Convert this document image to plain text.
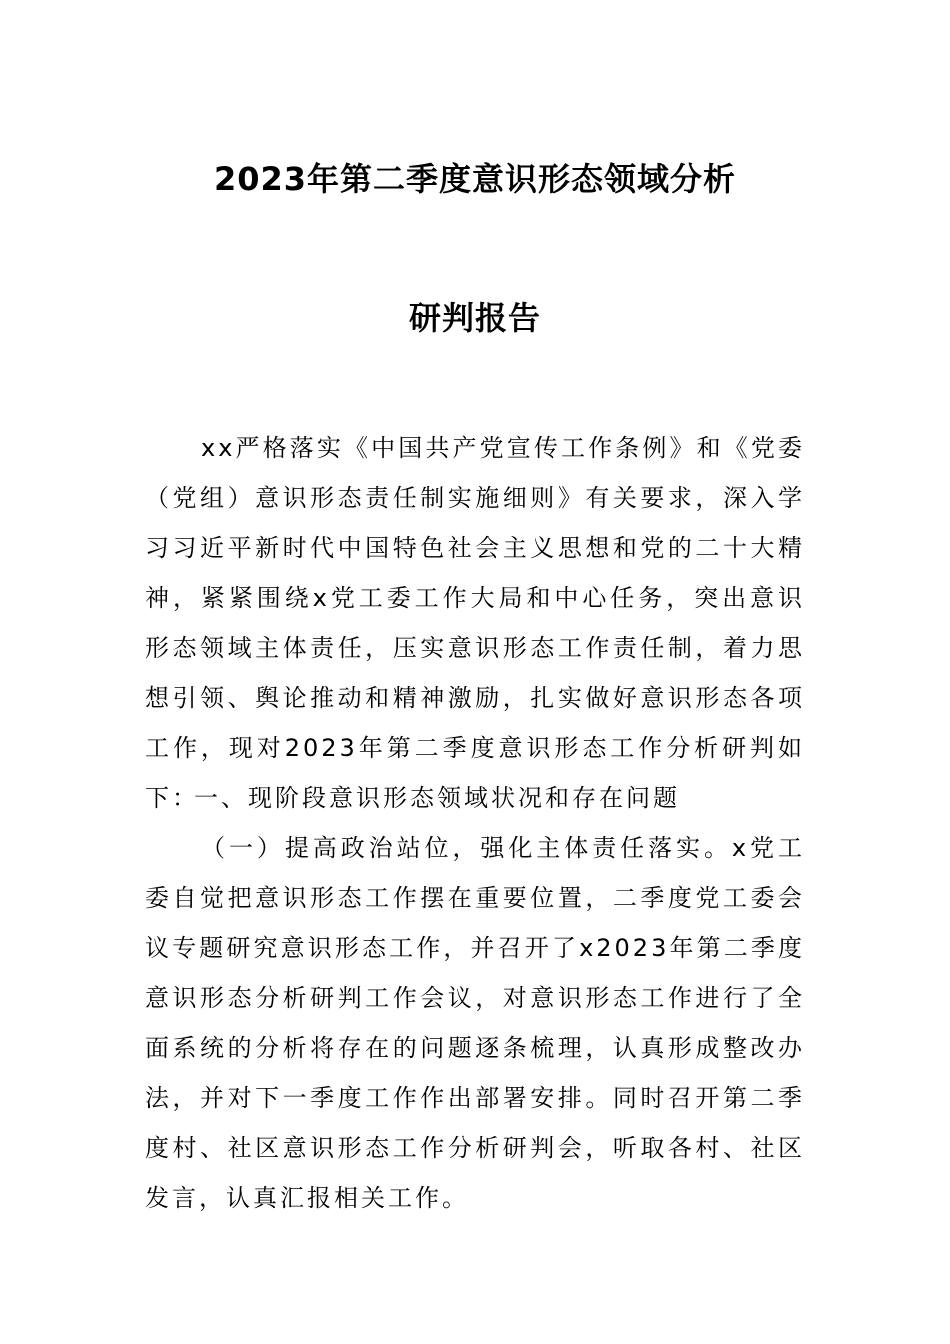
2023年第二季度意识形态领域分析
研判报告

xx严格落实《中国共产党宣传工作条例》和《党委（党组）意识形态责任制实施细则》有关要求，深入学习习近平新时代中国特色社会主义思想和党的二十大精神，紧紧围绕x党工委工作大局和中心任务，突出意识形态领域主体责任，压实意识形态工作责任制，着力思想引领、舆论推动和精神激励，扎实做好意识形态各项工作，现对2023年第二季度意识形态工作分析研判如下：

一、现阶段意识形态领域状况和存在问题

（一）提高政治站位，强化主体责任落实。x党工委自觉把意识形态工作摆在重要位置，二季度党工委会议专题研究意识形态工作，并召开了x2023年第二季度意识形态分析研判工作会议，对意识形态工作进行了全面系统的分析将存在的问题逐条梳理，认真形成整改办法，并对下一季度工作作出部署安排。同时召开第二季度村、社区意识形态工作分析研判会，听取各村、社区发言，认真汇报相关工作。
